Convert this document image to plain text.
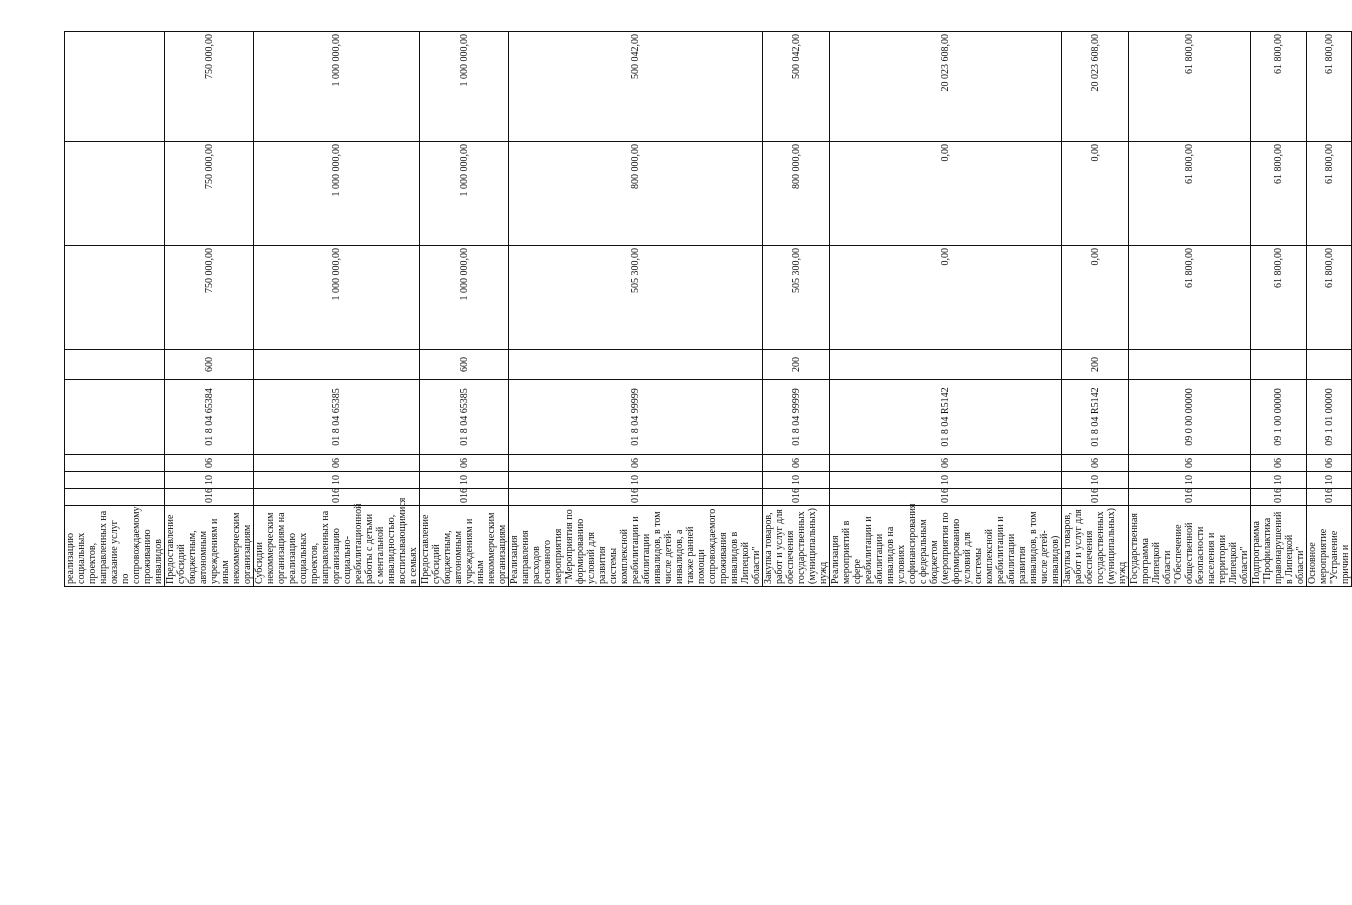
реализацию социальных проектов, направленных на оказание услуг по сопровождаемому проживанию инвалидов								
Предоставление субсидий бюджетным, автономным учреждениям и иным некоммерческим организациям	016	10	06	01 8 04 65384	600	750 000,00	750 000,00	750 000,00
Субсидии некоммерческим организациям на реализацию социальных проектов, направленных на организацию социально-реабилитационной работы с детьми с ментальной инвалидностью, воспитывающимися в семьях	016	10	06	01 8 04 65385		1 000 000,00	1 000 000,00	1 000 000,00
Предоставление субсидий бюджетным, автономным учреждениям и иным некоммерческим организациям	016	10	06	01 8 04 65385	600	1 000 000,00	1 000 000,00	1 000 000,00
Реализация направления расходов основного мероприятия "Мероприятия по формированию условий для развития системы комплексной реабилитации и абилитации инвалидов, в том числе детей-инвалидов, а также ранней помощи сопровождаемого проживания инвалидов в Липецкой области"	016	10	06	01 8 04 99999		505 300,00	800 000,00	500 042,00
Закупка товаров, работ и услуг для обеспечения государственных (муниципальных) нужд	016	10	06	01 8 04 99999	200	505 300,00	800 000,00	500 042,00
Реализация мероприятий в сфере реабилитации и абилитации инвалидов на условиях софинансирования с федеральным бюджетом (мероприятия по формированию условий для системы комплексной реабилитации и абилитации развития инвалидов, в том числе детей-инвалидов)	016	10	06	01 8 04 R5142		0,00	0,00	20 023 608,00
Закупка товаров, работ и услуг для обеспечения государственных (муниципальных) нужд	016	10	06	01 8 04 R5142	200	0,00	0,00	20 023 608,00
Государственная программа Липецкой области "Обеспечение общественной безопасности населения и территории Липецкой области"	016	10	06	09 0 00 00000		61 800,00	61 800,00	61 800,00
Подпрограмма "Профилактика правонарушений в Липецкой области"	016	10	06	09 1 00 00000		61 800,00	61 800,00	61 800,00
Основное мероприятие "Устранение причин и	016	10	06	09 1 01 00000		61 800,00	61 800,00	61 800,00
